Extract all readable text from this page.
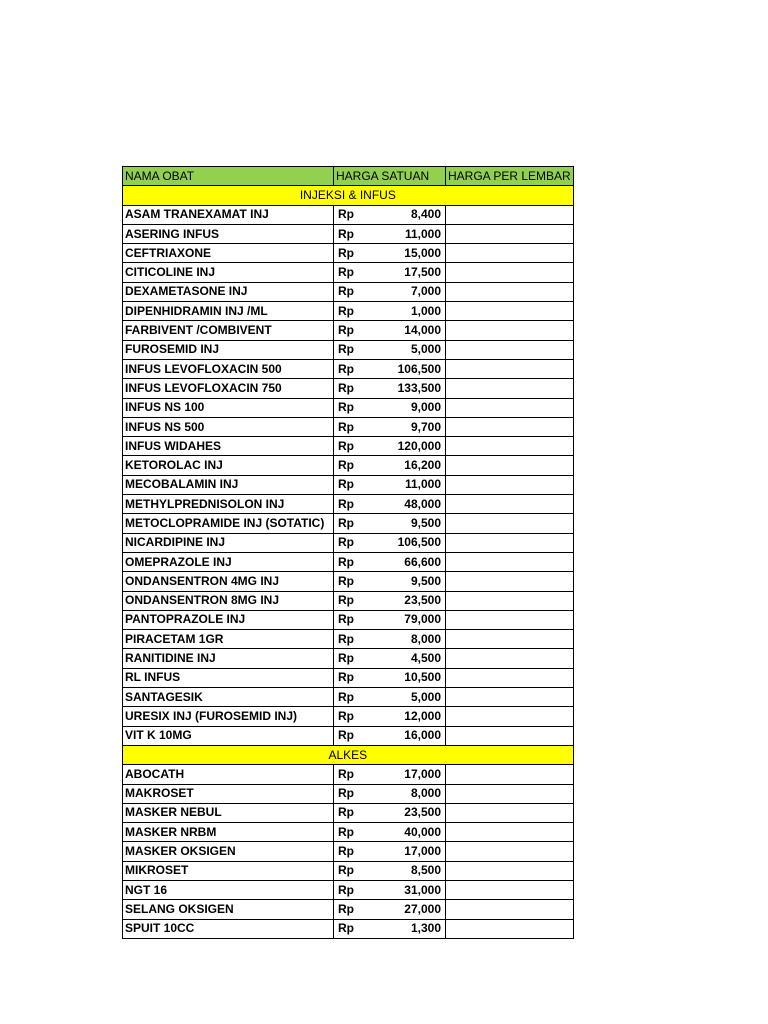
NAMA OBAT	HARGA SATUAN	HARGA PER LEMBAR
INJEKSI & INFUS		
ASAM TRANEXAMAT INJ	Rp 8,400	

ASERING INFUS	Rp 11,000	

CEFTRIAXONE	Rp 15,000	

CITICOLINE INJ	Rp 17,500	

DEXAMETASONE INJ	Rp 7,000	

DIPENHIDRAMIN INJ /ML	Rp 1,000	

FARBIVENT /COMBIVENT	Rp 14,000	

FUROSEMID INJ	Rp 5,000	

INFUS LEVOFLOXACIN 500	Rp 106,500	

INFUS LEVOFLOXACIN 750	Rp 133,500	

INFUS NS 100	Rp 9,000	

INFUS NS 500	Rp 9,700	

INFUS WIDAHES	Rp 120,000	

KETOROLAC INJ	Rp 16,200	

MECOBALAMIN INJ	Rp 11,000	

METHYLPREDNISOLON INJ	Rp 48,000	

METOCLOPRAMIDE INJ (SOTATIC)	Rp 9,500	

NICARDIPINE INJ	Rp 106,500	

OMEPRAZOLE INJ	Rp 66,600	

ONDANSENTRON 4MG INJ	Rp 9,500	

ONDANSENTRON 8MG INJ	Rp 23,500	

PANTOPRAZOLE INJ	Rp 79,000	

PIRACETAM 1GR	Rp 8,000	

RANITIDINE INJ	Rp 4,500	

RL INFUS	Rp 10,500	

SANTAGESIK	Rp 5,000	

URESIX INJ (FUROSEMID INJ)	Rp 12,000	

VIT K 10MG	Rp 16,000	

ALKES		
ABOCATH	Rp 17,000	

MAKROSET	Rp 8,000	

MASKER NEBUL	Rp 23,500	

MASKER NRBM	Rp 40,000	

MASKER OKSIGEN	Rp 17,000	

MIKROSET	Rp 8,500	

NGT 16	Rp 31,000	

SELANG OKSIGEN	Rp 27,000	

SPUIT 10CC	Rp 1,300	
